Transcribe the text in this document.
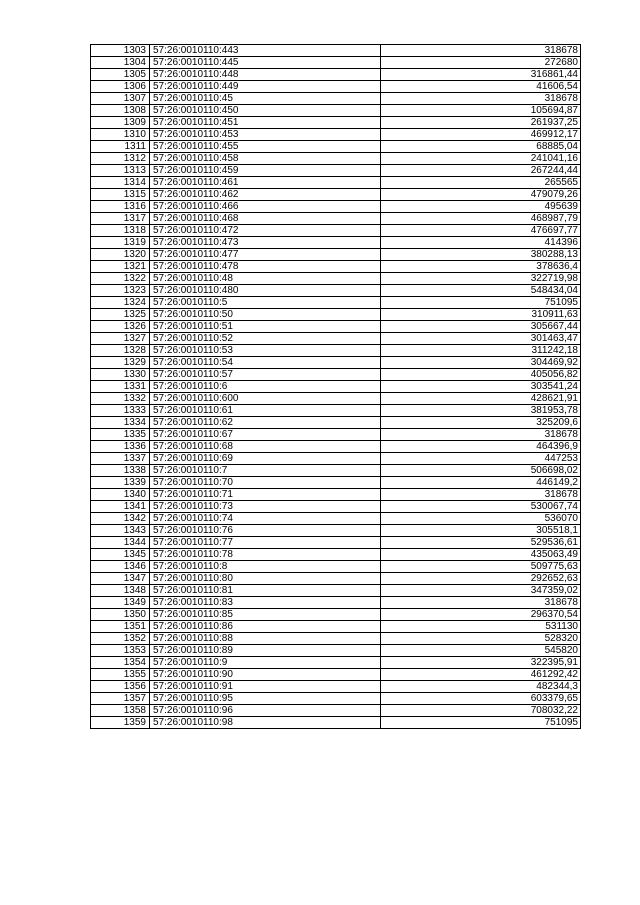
1303	57:26:0010110:443	318678
1304	57:26:0010110:445	272680
1305	57:26:0010110:448	316861,44
1306	57:26:0010110:449	41606,54
1307	57:26:0010110:45	318678
1308	57:26:0010110:450	105694,87
1309	57:26:0010110:451	261937,25
1310	57:26:0010110:453	469912,17
1311	57:26:0010110:455	68885,04
1312	57:26:0010110:458	241041,16
1313	57:26:0010110:459	267244,44
1314	57:26:0010110:461	265565
1315	57:26:0010110:462	479079,26
1316	57:26:0010110:466	495639
1317	57:26:0010110:468	468987,79
1318	57:26:0010110:472	476697,77
1319	57:26:0010110:473	414396
1320	57:26:0010110:477	380288,13
1321	57:26:0010110:478	378636,4
1322	57:26:0010110:48	322719,98
1323	57:26:0010110:480	548434,04
1324	57:26:0010110:5	751095
1325	57:26:0010110:50	310911,63
1326	57:26:0010110:51	305667,44
1327	57:26:0010110:52	301463,47
1328	57:26:0010110:53	311242,18
1329	57:26:0010110:54	304469,92
1330	57:26:0010110:57	405056,82
1331	57:26:0010110:6	303541,24
1332	57:26:0010110:600	428621,91
1333	57:26:0010110:61	381953,78
1334	57:26:0010110:62	325209,6
1335	57:26:0010110:67	318678
1336	57:26:0010110:68	464396,9
1337	57:26:0010110:69	447253
1338	57:26:0010110:7	506698,02
1339	57:26:0010110:70	446149,2
1340	57:26:0010110:71	318678
1341	57:26:0010110:73	530067,74
1342	57:26:0010110:74	536070
1343	57:26:0010110:76	305518,1
1344	57:26:0010110:77	529536,61
1345	57:26:0010110:78	435063,49
1346	57:26:0010110:8	509775,63
1347	57:26:0010110:80	292652,63
1348	57:26:0010110:81	347359,02
1349	57:26:0010110:83	318678
1350	57:26:0010110:85	296370,54
1351	57:26:0010110:86	531130
1352	57:26:0010110:88	528320
1353	57:26:0010110:89	545820
1354	57:26:0010110:9	322395,91
1355	57:26:0010110:90	461292,42
1356	57:26:0010110:91	482344,3
1357	57:26:0010110:95	603379,65
1358	57:26:0010110:96	708032,22
1359	57:26:0010110:98	751095
